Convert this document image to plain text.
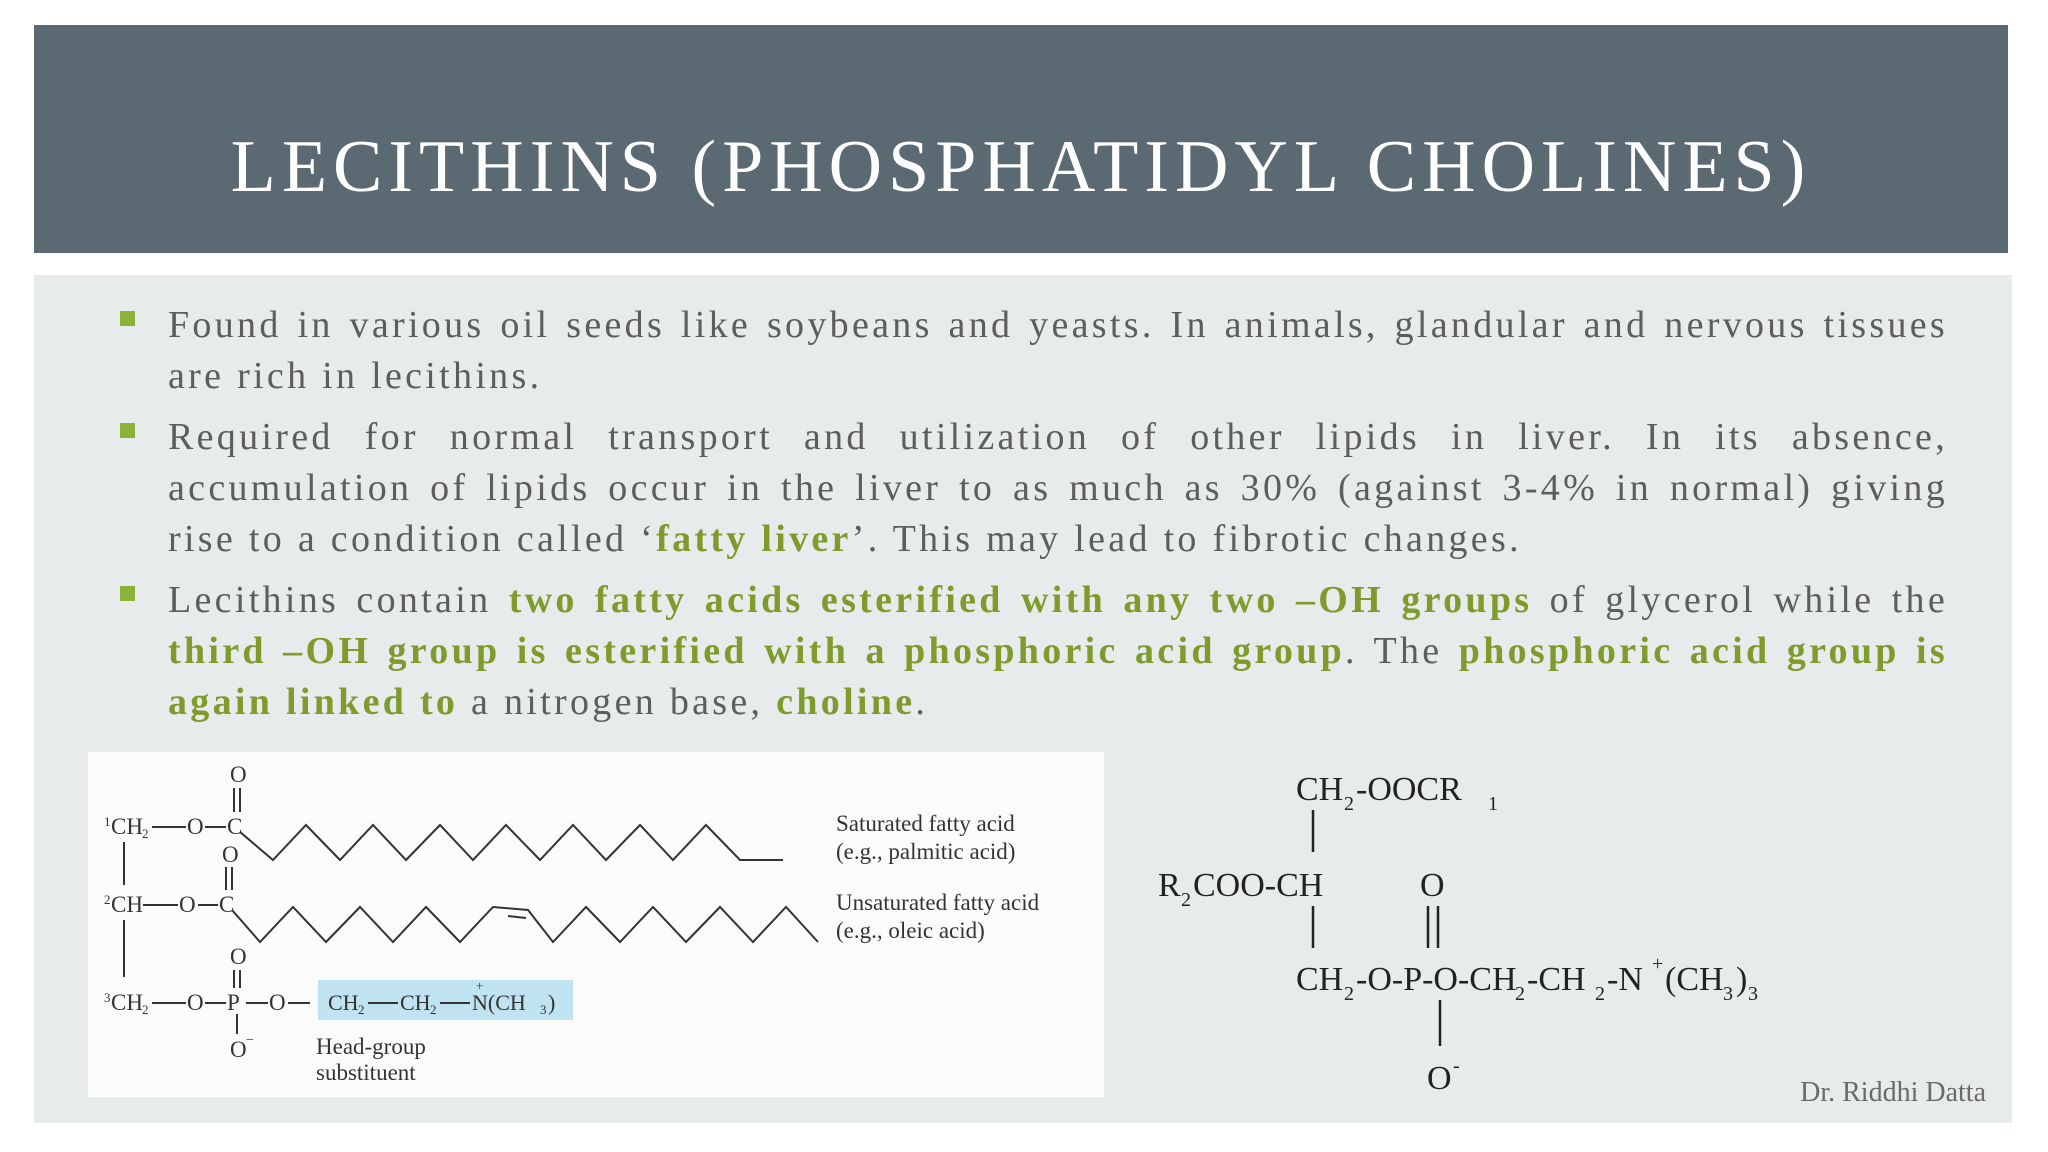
LECITHINS (PHOSPHATIDYL CHOLINES)
Found in various oil seeds like soybeans and yeasts. In animals, glandular and nervous tissues are rich in lecithins.
Required for normal transport and utilization of other lipids in liver. In its absence, accumulation of lipids occur in the liver to as much as 30% (against 3-4% in normal) giving rise to a condition called ‘fatty liver’. This may lead to fibrotic changes.
Lecithins contain two fatty acids esterified with any two –OH groups of glycerol while the third –OH group is esterified with a phosphoric acid group. The phosphoric acid group is again linked to a nitrogen base, choline.
1 CH 2 O C
O
2 CH O C
O
3 CH 2 O P
O
O −
O CH 2 CH 2 N(CH
+
3 )
Saturated fatty acid
(e.g., palmitic acid)
Unsaturated fatty acid
(e.g., oleic acid)
Head-group
substituent
CH 2 -OOCR 1
R 2 COO-CH	O
CH 2 -O-P-O-CH
2 -CH 2 -N + (CH 3 ) 3
O -
Dr. Riddhi Datta
